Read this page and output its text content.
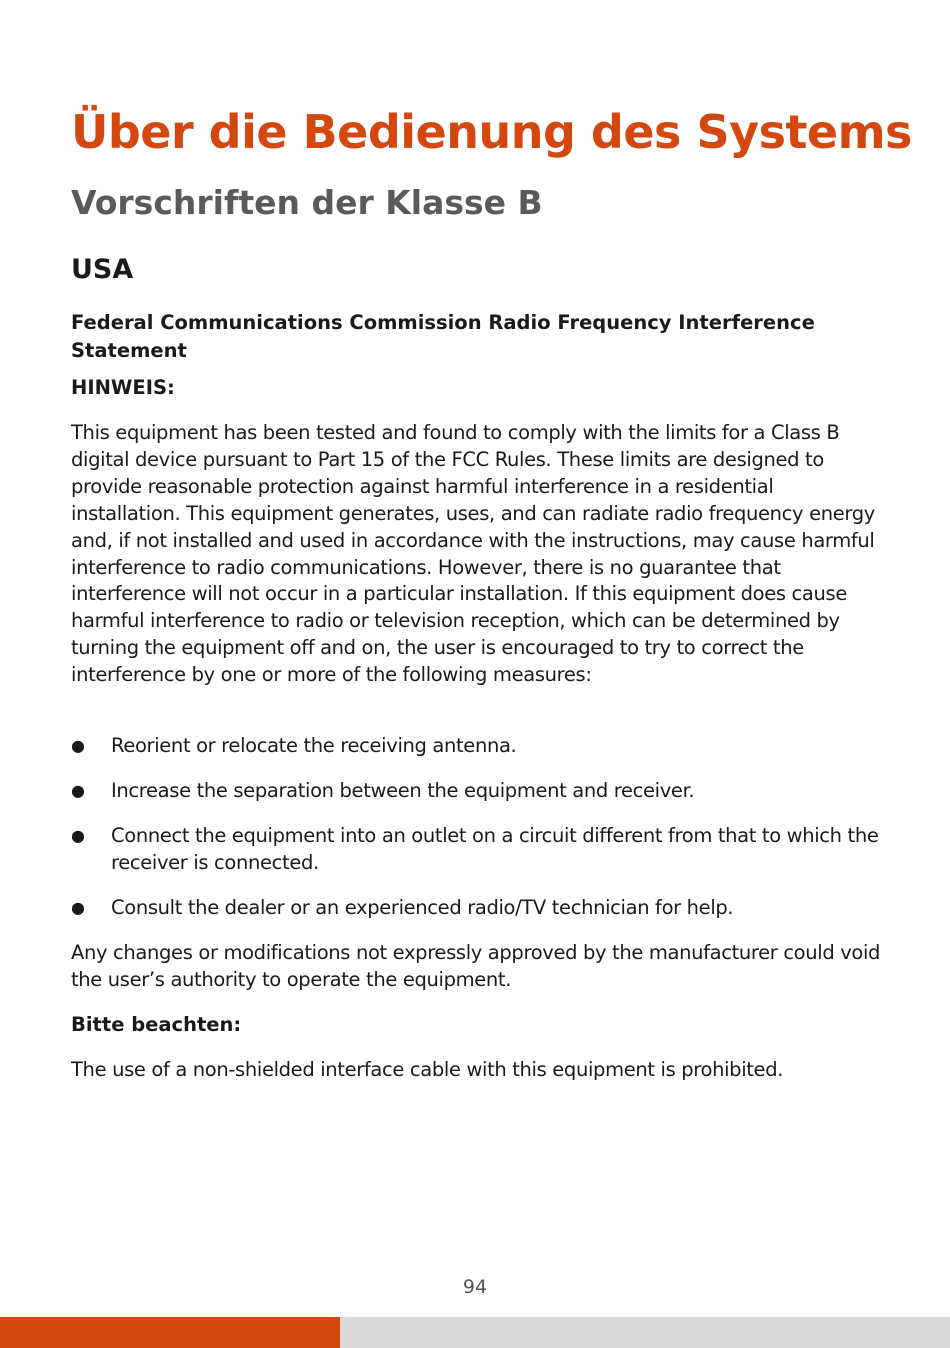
Über die Bedienung des Systems
Vorschriften der Klasse B
USA
Federal Communications Commission Radio Frequency Interference Statement

HINWEIS:

This equipment has been tested and found to comply with the limits for a Class B digital device pursuant to Part 15 of the FCC Rules. These limits are designed to provide reasonable protection against harmful interference in a residential installation. This equipment generates, uses, and can radiate radio frequency energy and, if not installed and used in accordance with the instructions, may cause harmful interference to radio communications. However, there is no guarantee that interference will not occur in a particular installation. If this equipment does cause harmful interference to radio or television reception, which can be determined by turning the equipment off and on, the user is encouraged to try to correct the interference by one or more of the following measures:

●	Reorient or relocate the receiving antenna.
●	Increase the separation between the equipment and receiver.
●	Connect the equipment into an outlet on a circuit different from that to which the receiver is connected.
●	Consult the dealer or an experienced radio/TV technician for help.

Any changes or modifications not expressly approved by the manufacturer could void the user’s authority to operate the equipment.

Bitte beachten:

The use of a non-shielded interface cable with this equipment is prohibited.

94
